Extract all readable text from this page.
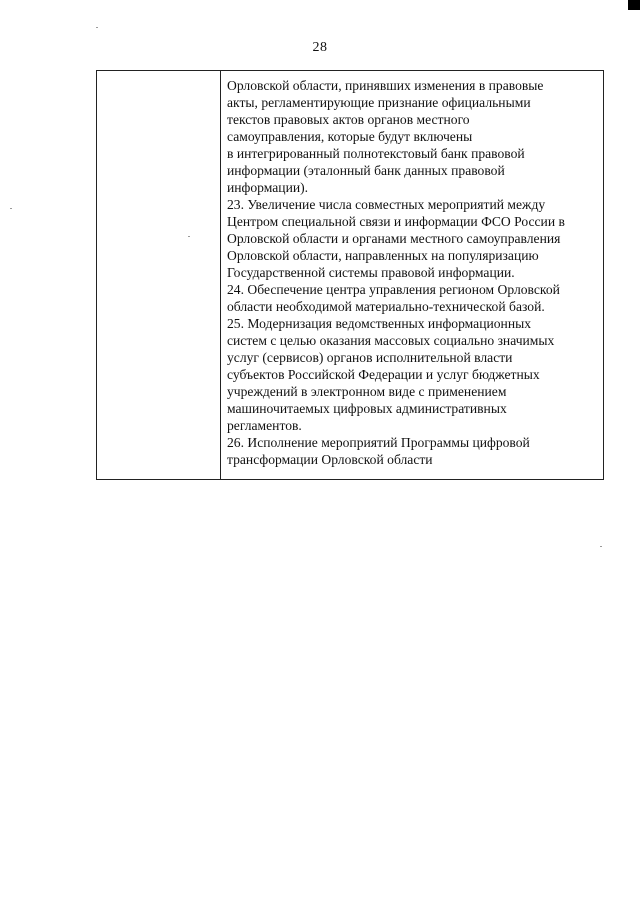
28
Орловской области, принявших изменения в правовые
акты, регламентирующие признание официальными
текстов правовых актов органов местного
самоуправления, которые будут включены
в интегрированный полнотекстовый банк правовой
информации (эталонный банк данных правовой
информации).
23. Увеличение числа совместных мероприятий между
Центром специальной связи и информации ФСО России в
Орловской области и органами местного самоуправления
Орловской области, направленных на популяризацию
Государственной системы правовой информации.
24. Обеспечение центра управления регионом Орловской
области необходимой материально-технической базой.
25. Модернизация ведомственных информационных
систем с целью оказания массовых социально значимых
услуг (сервисов) органов исполнительной власти
субъектов Российской Федерации и услуг бюджетных
учреждений в электронном виде с применением
машиночитаемых цифровых административных
регламентов.
26. Исполнение мероприятий Программы цифровой
трансформации Орловской области
